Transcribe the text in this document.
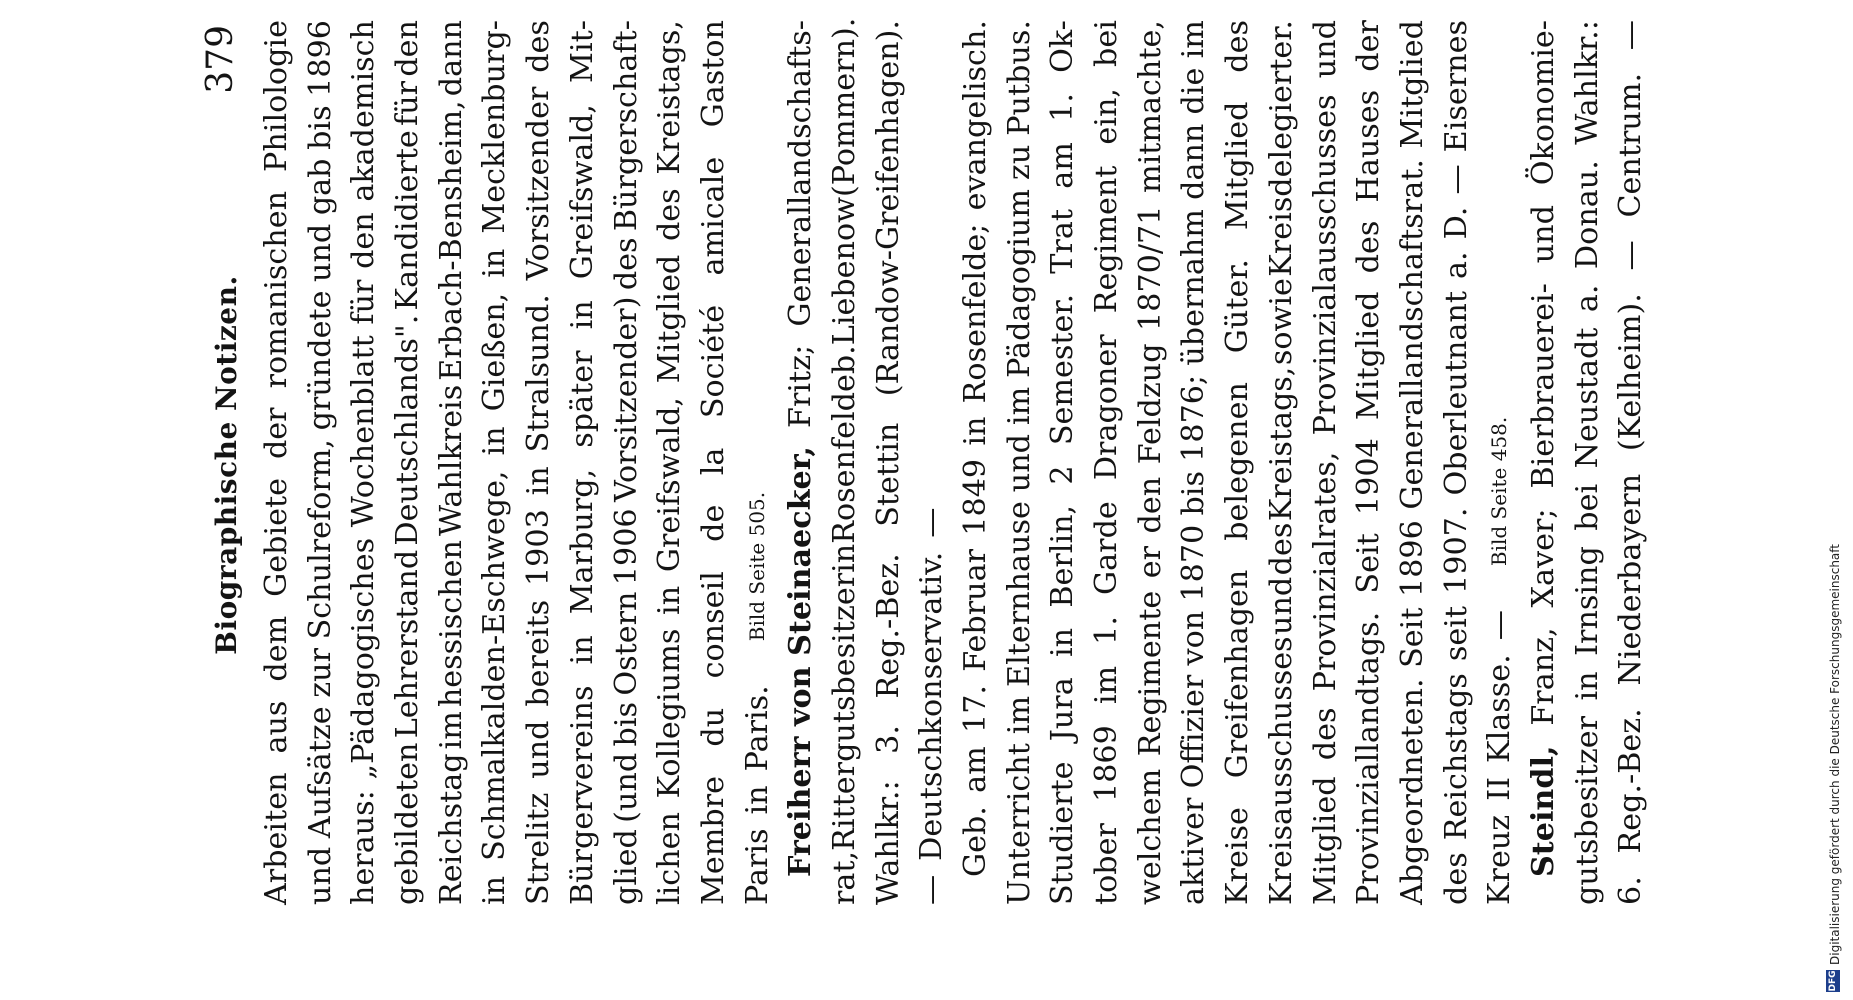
Biographische Notizen.
379
Arbeiten
aus
dem
Gebiete
der
romanischen
Philologie
und
Aufsätze
zur
Schulreform,
gründete
und
gab
bis
1896
heraus:
„Pädagogisches
Wochenblatt
für
den
akademisch
gebildeten
Lehrerstand
Deutschlands".
Kandidierte
für
den
Reichstag
im
hessischen
Wahlkreis
Erbach-Bensheim,
dann
in
Schmalkalden-Eschwege,
in
Gießen,
in
Mecklenburg-
Strelitz
und
bereits
1903
in
Stralsund.
Vorsitzender
des
Bürgervereins
in
Marburg,
später
in
Greifswald,
Mit-
glied
(und
bis
Ostern
1906
Vorsitzender)
des
Bürgerschaft-
lichen
Kollegiums
in
Greifswald,
Mitglied
des
Kreistags,
Membre
du
conseil
de
la
Société
amicale
Gaston
Paris
in
Paris.
Bild Seite 505. Freiherr von Steinaecker,
Fritz;
Generallandschafts-
rat,
Rittergutsbesitzer
in
Rosenfelde
b.
Liebenow
(Pommern).
Wahlkr.:
3.
Reg.-Bez.
Stettin
(Randow-Greifenhagen).
—
Deutschkonservativ.
—
Geb.
am
17.
Februar
1849
in
Rosenfelde;
evangelisch.
Unterricht
im
Elternhause
und
im
Pädagogium
zu
Putbus.
Studierte
Jura
in
Berlin,
2
Semester.
Trat
am
1.
Ok-
tober
1869
im
1.
Garde
Dragoner
Regiment
ein,
bei
welchem
Regimente
er
den
Feldzug
1870/71
mitmachte,
aktiver
Offizier
von
1870
bis
1876;
übernahm
dann
die
im
Kreise
Greifenhagen
belegenen
Güter.
Mitglied
des
Kreisausschusses
und
des
Kreistags,
sowie
Kreisdelegierter.
Mitglied
des
Provinzialrates,
Provinzialausschusses
und
Provinziallandtags.
Seit
1904
Mitglied
des
Hauses
der
Abgeordneten.
Seit
1896
Generallandschaftsrat.
Mitglied
des
Reichstags
seit
1907.
Oberleutnant
a.
D.
—
Eisernes
Kreuz
II
Klasse.
—
Bild Seite 458.
Steindl,
Franz,
Xaver;
Bierbrauerei-
und
Ökonomie-
gutsbesitzer
in
Irnsing
bei
Neustadt
a.
Donau.
Wahlkr.:
6.
Reg.-Bez.
Niederbayern
(Kelheim).
—
Centrum.
—
DFG
Digitalisierung gefördert durch die Deutsche Forschungsgemeinschaft
